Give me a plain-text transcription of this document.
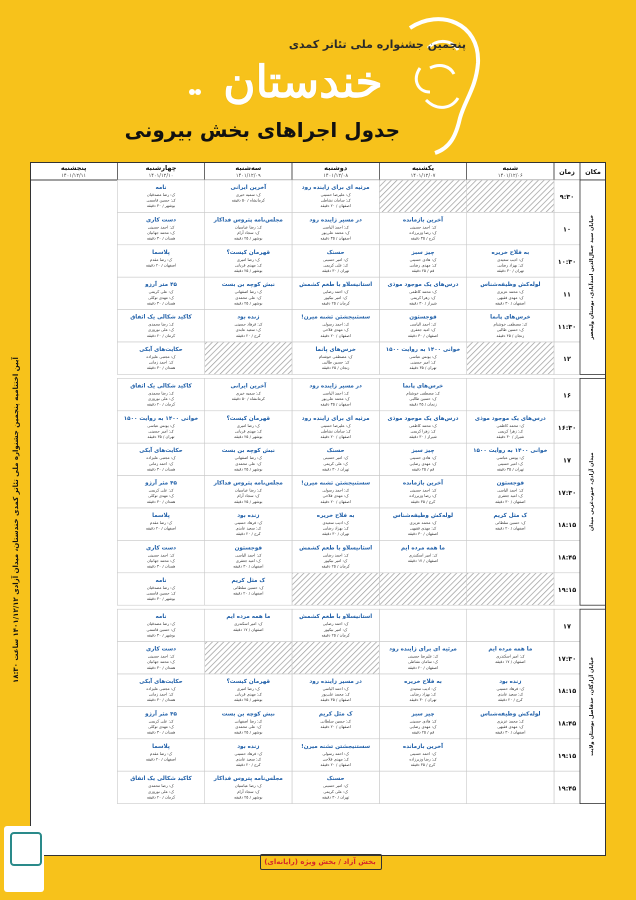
پنجمین جشنواره ملی تئاتر کمدی
خندستان
جدول اجراهای بخش بیرونی
مکان
زمان
شنبه
۱۴۰۱/۱۲/۰۶
یکشنبه
۱۴۰۱/۱۲/۰۷
دوشنبه
۱۴۰۱/۱۲/۰۸
سه‌شنبه
۱۴۰۱/۱۲/۰۹
چهارشنبه
۱۴۰۱/۱۲/۱۰
پنجشنبه
۱۴۰۱/۱۲/۱۱
۹:۳۰
مرثیه ای برای زاینده رود
ک: علیرضا حسینی
ک: سامان نشاطی
اصفهان / ۲۰ دقیقه
آخرین ایرانی
ک: سمیه خیری
کرمانشاه / ۵۰ دقیقه
نامه
ک: رضا مصدقیان
ک: حسین قاسمی
بوشهر / ۳۰ دقیقه
۱۰
آخرین بازمانده
ک: احمد حسینی
ک: رضا وزیرزاده
کرج / ۳۵ دقیقه
در مسیر زاینده رود
ک: احمد الیاسی
ک: محمد علی‌پور
اصفهان / ۳۵ دقیقه
مجلس‌نامه پتروس فداکار
ک: رضا عباسیان
ک: سجاد آرام
بوشهر / ۲۵ دقیقه
دست کاری
ک: احمد حسینی
ک: محمد جهانیان
همدان / ۳۰ دقیقه
۱۰:۳۰
به فلاح خریره
ک: ادیب سعیدی
ک: بهزاد رضایی
تهران / ۳۰ دقیقه
چیز سبز
ک: هادی حسینی
ک: مهدی رضایی
قم / ۲۵ دقیقه
حسنک
ک: امیر حسینی
ک: علی کریمی
تهران / ۳۰ دقیقه
قهرمان کیست؟
ک: رضا امیری
ک: مهدی قربانی
بوشهر / ۲۵ دقیقه
پلاسما
ک: رضا مقدم
اصفهان / ۲۰ دقیقه
۱۱
لوله‌کش وظیفه‌شناس
ک: محمد عزیزی
ک: مهدی فقیهی
اصفهان / ۳۰ دقیقه
درس‌های یک موجود موذی
ک: محمد کاظمی
ک: زهرا کریمی
شیراز / ۳۰ دقیقه
استانیسلاو با طعم کشمش
ک: احمد رضایی
ک: امیر نیکپور
کرمان / ۲۵ دقیقه
نبش کوچه بن بست
ک: رضا اصفهانی
ک: علی محمدی
بوشهر / ۲۵ دقیقه
۴۵ متر آرزو
ک: علی کریمی
ک: مهدی توکلی
همدان / ۳۰ دقیقه
۱۱:۳۰
خرس‌های پانما
ک: مصطفی خوشنام
ک: حسین طالبی
زنجان / ۴۵ دقیقه
قوجستون
ک: احمد الیاسی
ک: امید جعفری
اصفهان / ۳۰ دقیقه
سستنیجشتن تشنه میرن!
ک: احمد رسولی
ک: مهدی فلاحی
اصفهان / ۲۰ دقیقه
زنده بود
ک: فرهاد حسینی
ک: سعید عابدی
کرج / ۲۰ دقیقه
کاکید شکالی یک اتفاق
ک: رضا محمدی
ک: علی نوروزی
کرمان / ۲۰ دقیقه
۱۲
خوانی ۱۴۰۰ به روایت ۱۵۰۰
ک: یونس عباسی
ک: امیر حسینی
تهران / ۳۵ دقیقه
خرس‌های پانما
ک: مصطفی خوشنام
ک: حسین طالبی
زنجان / ۴۵ دقیقه
حکایت‌های آبکی
ک: مجتبی علیزاده
ک: احمد زمانی
همدان / ۳۰ دقیقه
۱۶
خرس‌های پانما
ک: مصطفی خوشنام
ک: حسین طالبی
زنجان / ۴۵ دقیقه
در مسیر زاینده رود
ک: احمد الیاسی
ک: محمد علی‌پور
اصفهان / ۳۵ دقیقه
آخرین ایرانی
ک: سمیه خیری
کرمانشاه / ۵۰ دقیقه
کاکید شکالی یک اتفاق
ک: رضا محمدی
ک: علی نوروزی
کرمان / ۲۰ دقیقه
۱۶:۳۰
درس‌های یک موجود موذی
ک: محمد کاظمی
ک: زهرا کریمی
شیراز / ۳۰ دقیقه
درس‌های یک موجود موذی
ک: محمد کاظمی
ک: زهرا کریمی
شیراز / ۳۰ دقیقه
مرثیه ای برای زاینده رود
ک: علیرضا حسینی
ک: سامان نشاطی
اصفهان / ۲۰ دقیقه
قهرمان کیست؟
ک: رضا امیری
ک: مهدی قربانی
بوشهر / ۲۵ دقیقه
خوانی ۱۴۰۰ به روایت ۱۵۰۰
ک: یونس عباسی
ک: امیر حسینی
تهران / ۳۵ دقیقه
۱۷
خوانی ۱۴۰۰ به روایت ۱۵۰۰
ک: یونس عباسی
ک: امیر حسینی
تهران / ۳۵ دقیقه
چیز سبز
ک: هادی حسینی
ک: مهدی رضایی
قم / ۲۵ دقیقه
حسنک
ک: امیر حسینی
ک: علی کریمی
تهران / ۳۰ دقیقه
نبش کوچه بن بست
ک: رضا اصفهانی
ک: علی محمدی
بوشهر / ۲۵ دقیقه
حکایت‌های آبکی
ک: مجتبی علیزاده
ک: احمد زمانی
همدان / ۳۰ دقیقه
۱۷:۳۰
قوجستون
ک: احمد الیاسی
ک: امید جعفری
اصفهان / ۳۰ دقیقه
آخرین بازمانده
ک: احمد حسینی
ک: رضا وزیرزاده
کرج / ۳۵ دقیقه
سستنیجشتن تشنه میرن!
ک: احمد رسولی
ک: مهدی فلاحی
اصفهان / ۲۰ دقیقه
مجلس‌نامه پتروس فداکار
ک: رضا عباسیان
ک: سجاد آرام
بوشهر / ۲۵ دقیقه
۴۵ متر آرزو
ک: علی کریمی
ک: مهدی توکلی
همدان / ۳۰ دقیقه
۱۸:۱۵
ک مثل کریم
ک: حسین سلطانی
اصفهان / ۲۰ دقیقه
لوله‌کش وظیفه‌شناس
ک: محمد عزیزی
ک: مهدی فقیهی
اصفهان / ۳۰ دقیقه
به فلاح خریره
ک: ادیب سعیدی
ک: بهزاد رضایی
تهران / ۳۰ دقیقه
زنده بود
ک: فرهاد حسینی
ک: سعید عابدی
کرج / ۲۰ دقیقه
پلاسما
ک: رضا مقدم
اصفهان / ۲۰ دقیقه
۱۸:۴۵
ما همه مرده ایم
ک: امیر اسکندری
اصفهان / ۱۷ دقیقه
استانیسلاو با طعم کشمش
ک: احمد رضایی
ک: امیر نیکپور
کرمان / ۲۵ دقیقه
قوجستون
ک: احمد الیاسی
ک: امید جعفری
اصفهان / ۳۰ دقیقه
دست کاری
ک: احمد حسینی
ک: محمد جهانیان
همدان / ۳۰ دقیقه
۱۹:۱۵
ک مثل کریم
ک: حسین سلطانی
اصفهان / ۲۰ دقیقه
نامه
ک: رضا مصدقیان
ک: حسین قاسمی
بوشهر / ۳۰ دقیقه
۱۷
استانیسلاو با طعم کشمش
ک: احمد رضایی
ک: امیر نیکپور
کرمان / ۲۵ دقیقه
ما همه مرده ایم
ک: امیر اسکندری
اصفهان / ۱۷ دقیقه
نامه
ک: رضا مصدقیان
ک: حسین قاسمی
بوشهر / ۳۰ دقیقه
۱۷:۳۰
ما همه مرده ایم
ک: امیر اسکندری
اصفهان / ۱۷ دقیقه
مرثیه ای برای زاینده رود
ک: علیرضا حسینی
ک: سامان نشاطی
اصفهان / ۲۰ دقیقه
دست کاری
ک: احمد حسینی
ک: محمد جهانیان
همدان / ۳۰ دقیقه
۱۸:۱۵
زنده بود
ک: فرهاد حسینی
ک: سعید عابدی
کرج / ۲۰ دقیقه
به فلاح خریره
ک: ادیب سعیدی
ک: بهزاد رضایی
تهران / ۳۰ دقیقه
در مسیر زاینده رود
ک: احمد الیاسی
ک: محمد علی‌پور
اصفهان / ۳۵ دقیقه
قهرمان کیست؟
ک: رضا امیری
ک: مهدی قربانی
بوشهر / ۲۵ دقیقه
حکایت‌های آبکی
ک: مجتبی علیزاده
ک: احمد زمانی
همدان / ۳۰ دقیقه
۱۸:۴۵
لوله‌کش وظیفه‌شناس
ک: محمد عزیزی
ک: مهدی فقیهی
اصفهان / ۳۰ دقیقه
چیز سبز
ک: هادی حسینی
ک: مهدی رضایی
قم / ۲۵ دقیقه
ک مثل کریم
ک: حسین سلطانی
اصفهان / ۲۰ دقیقه
نبش کوچه بن بست
ک: رضا اصفهانی
ک: علی محمدی
بوشهر / ۲۵ دقیقه
۴۵ متر آرزو
ک: علی کریمی
ک: مهدی توکلی
همدان / ۳۰ دقیقه
۱۹:۱۵
آخرین بازمانده
ک: احمد حسینی
ک: رضا وزیرزاده
کرج / ۳۵ دقیقه
سستنیجشتن تشنه میرن!
ک: احمد رسولی
ک: مهدی فلاحی
اصفهان / ۲۰ دقیقه
زنده بود
ک: فرهاد حسینی
ک: سعید عابدی
کرج / ۲۰ دقیقه
پلاسما
ک: رضا مقدم
اصفهان / ۲۰ دقیقه
۱۹:۴۵
حسنک
ک: امیر حسینی
ک: علی کریمی
تهران / ۳۰ دقیقه
مجلس‌نامه پتروس فداکار
ک: رضا عباسیان
ک: سجاد آرام
بوشهر / ۲۵ دقیقه
کاکید شکالی یک اتفاق
ک: رضا محمدی
ک: علی نوروزی
کرمان / ۲۰ دقیقه
خیابان سید جمال‌الدین اسدآبادی، بوستان ولیعصر
میدان آزادی، جنوب‌غربی میدان
خیابان آزادگان، حدفاصل بوستان ولایت
آیین اختتامیه پنجمین جشنواره ملی تئاتر کمدی خندستان، میدان آزادی ۱۴۰۱/۱۲/۱۲ ساعت ۱۸:۳۰
بخش آزاد / بخش ویژه (رایانه‌ای)
